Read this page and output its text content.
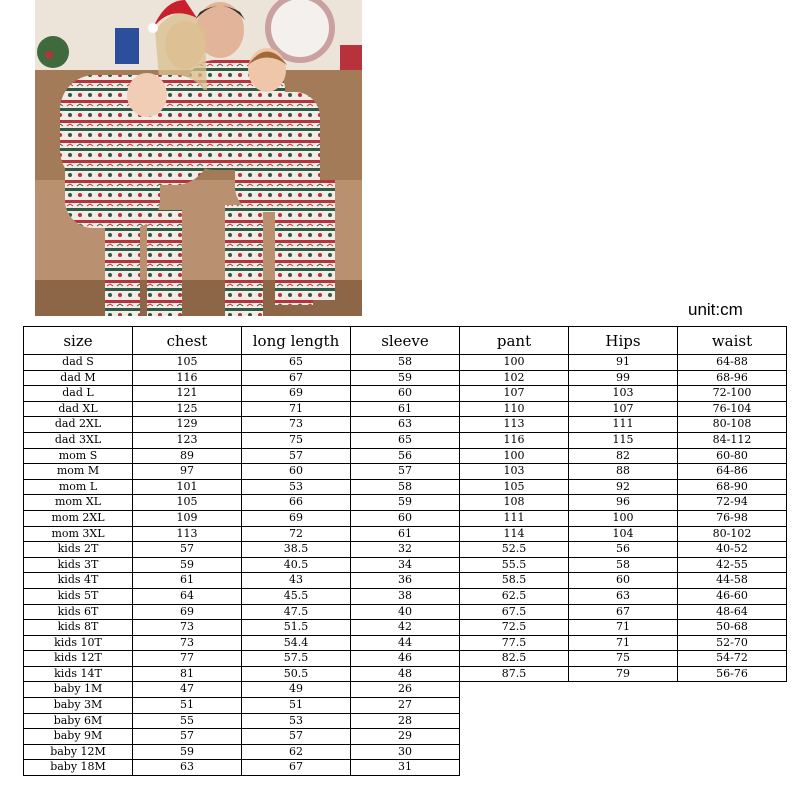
unit:cm
size	chest	long length	sleeve	pant	Hips	waist
dad S	105	65	58	100	91	64-88
dad M	116	67	59	102	99	68-96
dad L	121	69	60	107	103	72-100
dad XL	125	71	61	110	107	76-104
dad 2XL	129	73	63	113	111	80-108
dad 3XL	123	75	65	116	115	84-112
mom S	89	57	56	100	82	60-80
mom M	97	60	57	103	88	64-86
mom L	101	53	58	105	92	68-90
mom XL	105	66	59	108	96	72-94
mom 2XL	109	69	60	111	100	76-98
mom 3XL	113	72	61	114	104	80-102
kids 2T	57	38.5	32	52.5	56	40-52
kids 3T	59	40.5	34	55.5	58	42-55
kids 4T	61	43	36	58.5	60	44-58
kids 5T	64	45.5	38	62.5	63	46-60
kids 6T	69	47.5	40	67.5	67	48-64
kids 8T	73	51.5	42	72.5	71	50-68
kids 10T	73	54.4	44	77.5	71	52-70
kids 12T	77	57.5	46	82.5	75	54-72
kids 14T	81	50.5	48	87.5	79	56-76
baby 1M	47	49	26			
baby 3M	51	51	27			
baby 6M	55	53	28			
baby 9M	57	57	29			
baby 12M	59	62	30			
baby 18M	63	67	31			
